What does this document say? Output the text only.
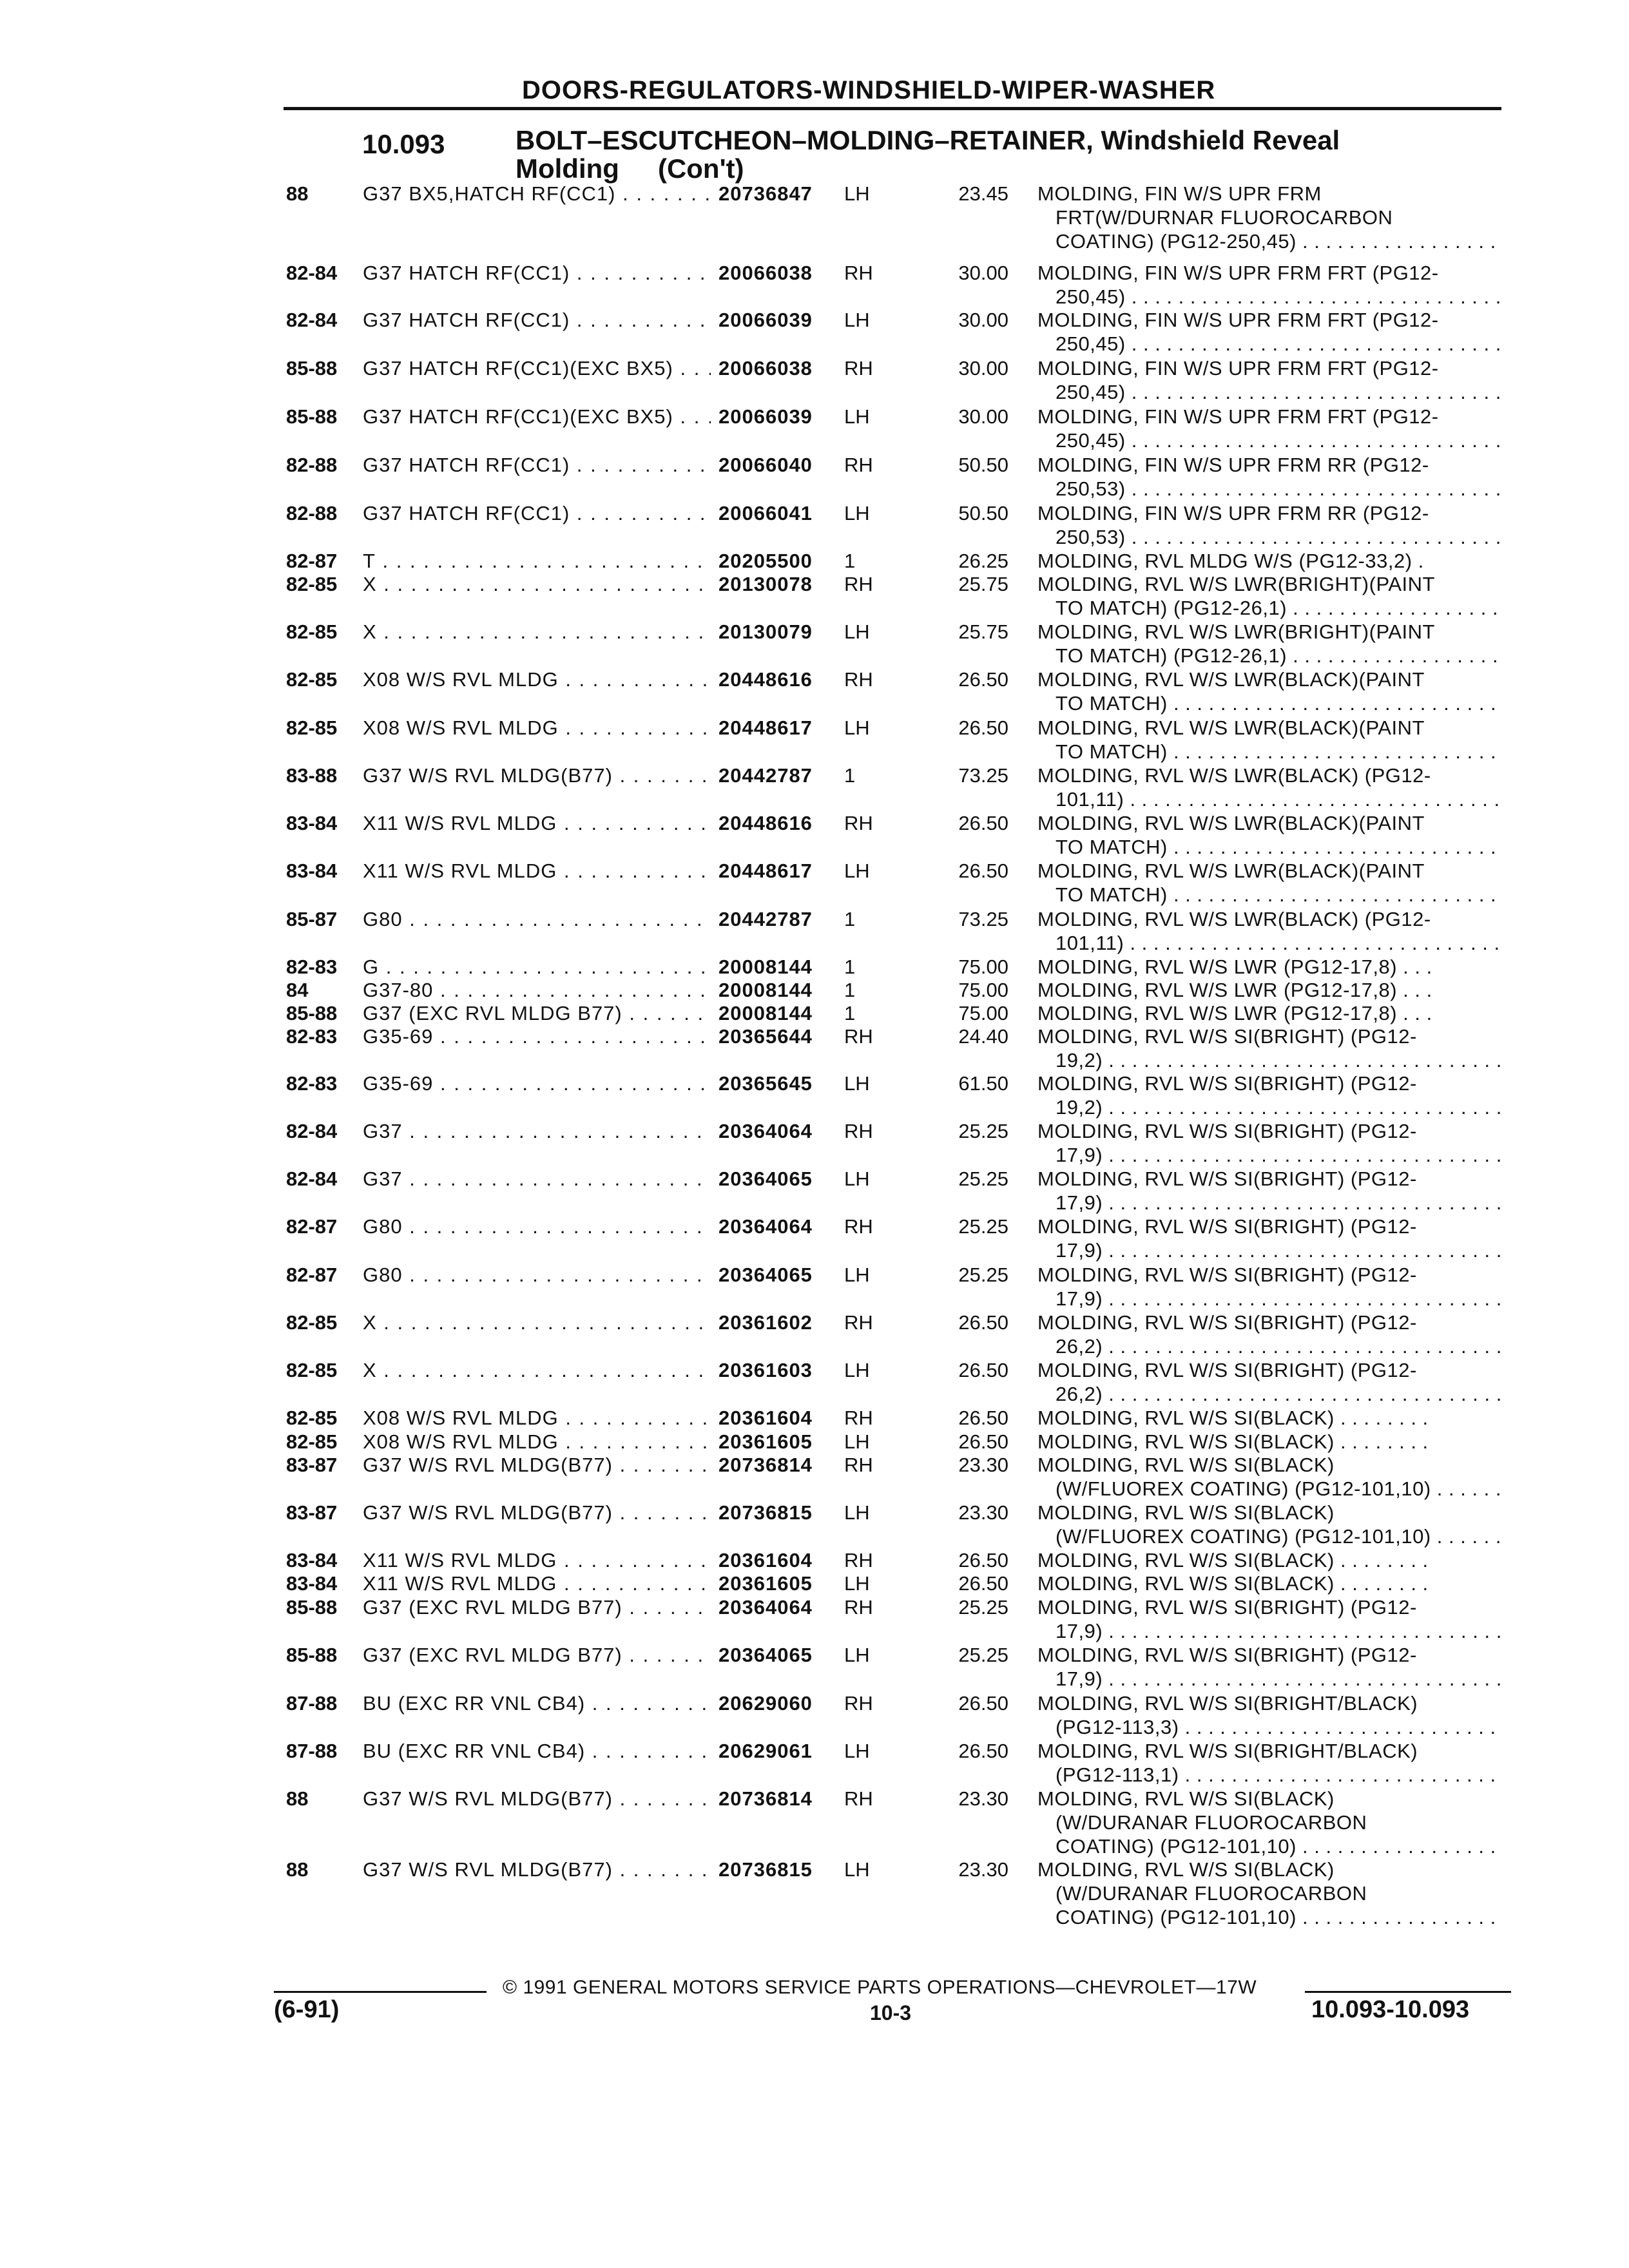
DOORS-REGULATORS-WINDSHIELD-WIPER-WASHER
10.093	BOLT–ESCUTCHEON–MOLDING–RETAINER, Windshield Reveal
Molding (Con't)
88	G37 BX5,HATCH RF(CC1) . . .	20736847 LH	23.45 MOLDING, FIN W/S UPR FRM
FRT(W/DURNAR FLUOROCARBON
COATING) (PG12-250,45) . . .
82-84 G37 HATCH RF(CC1) . . .	20066038 RH	30.00 MOLDING, FIN W/S UPR FRM FRT (PG12-
250,45) . . .
82-84 G37 HATCH RF(CC1) . . .	20066039 LH	30.00 MOLDING, FIN W/S UPR FRM FRT (PG12-
250,45) . . .
85-88 G37 HATCH RF(CC1)(EXC BX5) . . .	20066038 RH	30.00 MOLDING, FIN W/S UPR FRM FRT (PG12-
250,45) . . .
85-88 G37 HATCH RF(CC1)(EXC BX5) . . .	20066039 LH	30.00 MOLDING, FIN W/S UPR FRM FRT (PG12-
250,45) . . .
82-88 G37 HATCH RF(CC1) . . .	20066040 RH	50.50 MOLDING, FIN W/S UPR FRM RR (PG12-
250,53) . . .
82-88 G37 HATCH RF(CC1) . . .	20066041 LH	50.50 MOLDING, FIN W/S UPR FRM RR (PG12-
250,53) . . .
82-87 T . . .	20205500 1	26.25 MOLDING, RVL MLDG W/S (PG12-33,2) .
82-85 X . . .	20130078 RH	25.75 MOLDING, RVL W/S LWR(BRIGHT)(PAINT
TO MATCH) (PG12-26,1) . . .
82-85 X . . .	20130079 LH	25.75 MOLDING, RVL W/S LWR(BRIGHT)(PAINT
TO MATCH) (PG12-26,1) . . .
82-85 X08 W/S RVL MLDG . . .	20448616 RH	26.50 MOLDING, RVL W/S LWR(BLACK)(PAINT
TO MATCH) . . .
82-85 X08 W/S RVL MLDG . . .	20448617 LH	26.50 MOLDING, RVL W/S LWR(BLACK)(PAINT
TO MATCH) . . .
83-88 G37 W/S RVL MLDG(B77) . . .	20442787 1	73.25 MOLDING, RVL W/S LWR(BLACK) (PG12-
101,11) . . .
83-84 X11 W/S RVL MLDG . . .	20448616 RH	26.50 MOLDING, RVL W/S LWR(BLACK)(PAINT
TO MATCH) . . .
83-84 X11 W/S RVL MLDG . . .	20448617 LH	26.50 MOLDING, RVL W/S LWR(BLACK)(PAINT
TO MATCH) . . .
85-87 G80 . . .	20442787 1	73.25 MOLDING, RVL W/S LWR(BLACK) (PG12-
101,11) . . .
82-83 G . . .	20008144 1	75.00 MOLDING, RVL W/S LWR (PG12-17,8) . . .
84	G37-80 . . .	20008144 1	75.00 MOLDING, RVL W/S LWR (PG12-17,8) . . .
85-88 G37 (EXC RVL MLDG B77) . . .	20008144 1	75.00 MOLDING, RVL W/S LWR (PG12-17,8) . . .
82-83 G35-69 . . .	20365644 RH	24.40 MOLDING, RVL W/S SI(BRIGHT) (PG12-
19,2) . . .
82-83 G35-69 . . .	20365645 LH	61.50 MOLDING, RVL W/S SI(BRIGHT) (PG12-
19,2) . . .
82-84 G37 . . .	20364064 RH	25.25 MOLDING, RVL W/S SI(BRIGHT) (PG12-
17,9) . . .
82-84 G37 . . .	20364065 LH	25.25 MOLDING, RVL W/S SI(BRIGHT) (PG12-
17,9) . . .
82-87 G80 . . .	20364064 RH	25.25 MOLDING, RVL W/S SI(BRIGHT) (PG12-
17,9) . . .
82-87 G80 . . .	20364065 LH	25.25 MOLDING, RVL W/S SI(BRIGHT) (PG12-
17,9) . . .
82-85 X . . .	20361602 RH	26.50 MOLDING, RVL W/S SI(BRIGHT) (PG12-
26,2) . . .
82-85 X . . .	20361603 LH	26.50 MOLDING, RVL W/S SI(BRIGHT) (PG12-
26,2) . . .
82-85 X08 W/S RVL MLDG . . .	20361604 RH	26.50 MOLDING, RVL W/S SI(BLACK) . . . . . . . .
82-85 X08 W/S RVL MLDG . . .	20361605 LH	26.50 MOLDING, RVL W/S SI(BLACK) . . . . . . . .
83-87 G37 W/S RVL MLDG(B77) . . .	20736814 RH	23.30 MOLDING, RVL W/S SI(BLACK)
(W/FLUOREX COATING) (PG12-101,10) . . . .
83-87 G37 W/S RVL MLDG(B77) . . .	20736815 LH	23.30 MOLDING, RVL W/S SI(BLACK)
(W/FLUOREX COATING) (PG12-101,10) . . . .
83-84 X11 W/S RVL MLDG . . .	20361604 RH	26.50 MOLDING, RVL W/S SI(BLACK) . . . . . . . .
83-84 X11 W/S RVL MLDG . . .	20361605 LH	26.50 MOLDING, RVL W/S SI(BLACK) . . . . . . . .
85-88 G37 (EXC RVL MLDG B77) . . .	20364064 RH	25.25 MOLDING, RVL W/S SI(BRIGHT) (PG12-
17,9) . . .
85-88 G37 (EXC RVL MLDG B77) . . .	20364065 LH	25.25 MOLDING, RVL W/S SI(BRIGHT) (PG12-
17,9) . . .
87-88 BU (EXC RR VNL CB4) . . .	20629060 RH	26.50 MOLDING, RVL W/S SI(BRIGHT/BLACK)
(PG12-113,3) . . .
87-88 BU (EXC RR VNL CB4) . . .	20629061 LH	26.50 MOLDING, RVL W/S SI(BRIGHT/BLACK)
(PG12-113,1) . . .
88	G37 W/S RVL MLDG(B77) . . .	20736814 RH	23.30 MOLDING, RVL W/S SI(BLACK)
(W/DURANAR FLUOROCARBON
COATING) (PG12-101,10) . . .
88	G37 W/S RVL MLDG(B77) . . .	20736815 LH	23.30 MOLDING, RVL W/S SI(BLACK)
(W/DURANAR FLUOROCARBON
COATING) (PG12-101,10) . . .
© 1991 GENERAL MOTORS SERVICE PARTS OPERATIONS—CHEVROLET—17W
(6-91)	10-3	10.093-10.093
